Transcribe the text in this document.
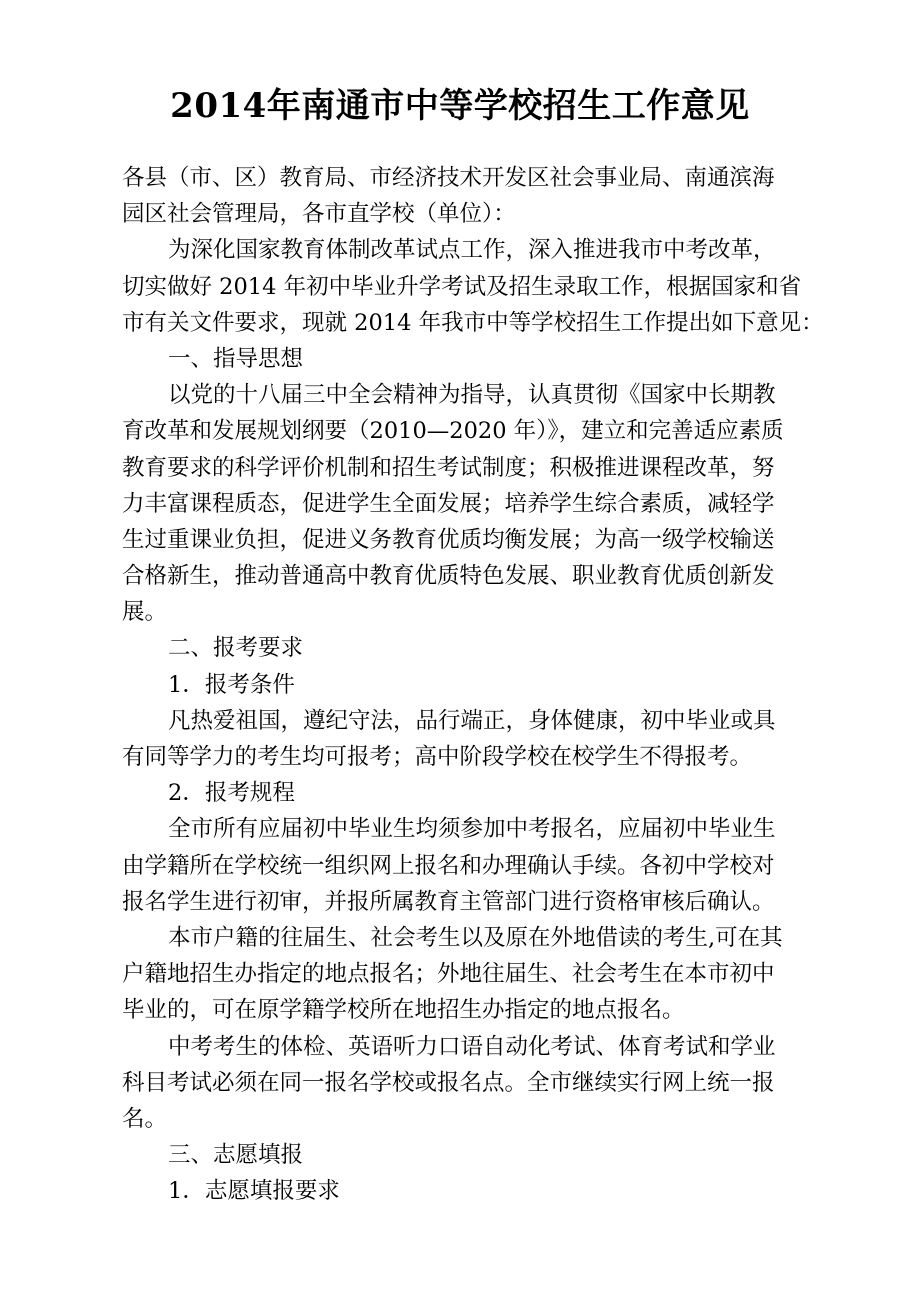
2014年南通市中等学校招生工作意见
各县（市、区）教育局、市经济技术开发区社会事业局、南通滨海
园区社会管理局，各市直学校（单位）：
为深化国家教育体制改革试点工作，深入推进我市中考改革，
切实做好 2014 年初中毕业升学考试及招生录取工作，根据国家和省
市有关文件要求，现就 2014 年我市中等学校招生工作提出如下意见：
一、指导思想
以党的十八届三中全会精神为指导，认真贯彻《国家中长期教
育改革和发展规划纲要（2010—2020 年）》，建立和完善适应素质
教育要求的科学评价机制和招生考试制度；积极推进课程改革，努
力丰富课程质态，促进学生全面发展；培养学生综合素质，减轻学
生过重课业负担，促进义务教育优质均衡发展；为高一级学校输送
合格新生，推动普通高中教育优质特色发展、职业教育优质创新发
展。
二、报考要求
1．报考条件
凡热爱祖国，遵纪守法，品行端正，身体健康，初中毕业或具
有同等学力的考生均可报考；高中阶段学校在校学生不得报考。
2．报考规程
全市所有应届初中毕业生均须参加中考报名，应届初中毕业生
由学籍所在学校统一组织网上报名和办理确认手续。各初中学校对
报名学生进行初审，并报所属教育主管部门进行资格审核后确认。
本市户籍的往届生、社会考生以及原在外地借读的考生,可在其
户籍地招生办指定的地点报名；外地往届生、社会考生在本市初中
毕业的，可在原学籍学校所在地招生办指定的地点报名。
中考考生的体检、英语听力口语自动化考试、体育考试和学业
科目考试必须在同一报名学校或报名点。全市继续实行网上统一报
名。
三、志愿填报
1．志愿填报要求
